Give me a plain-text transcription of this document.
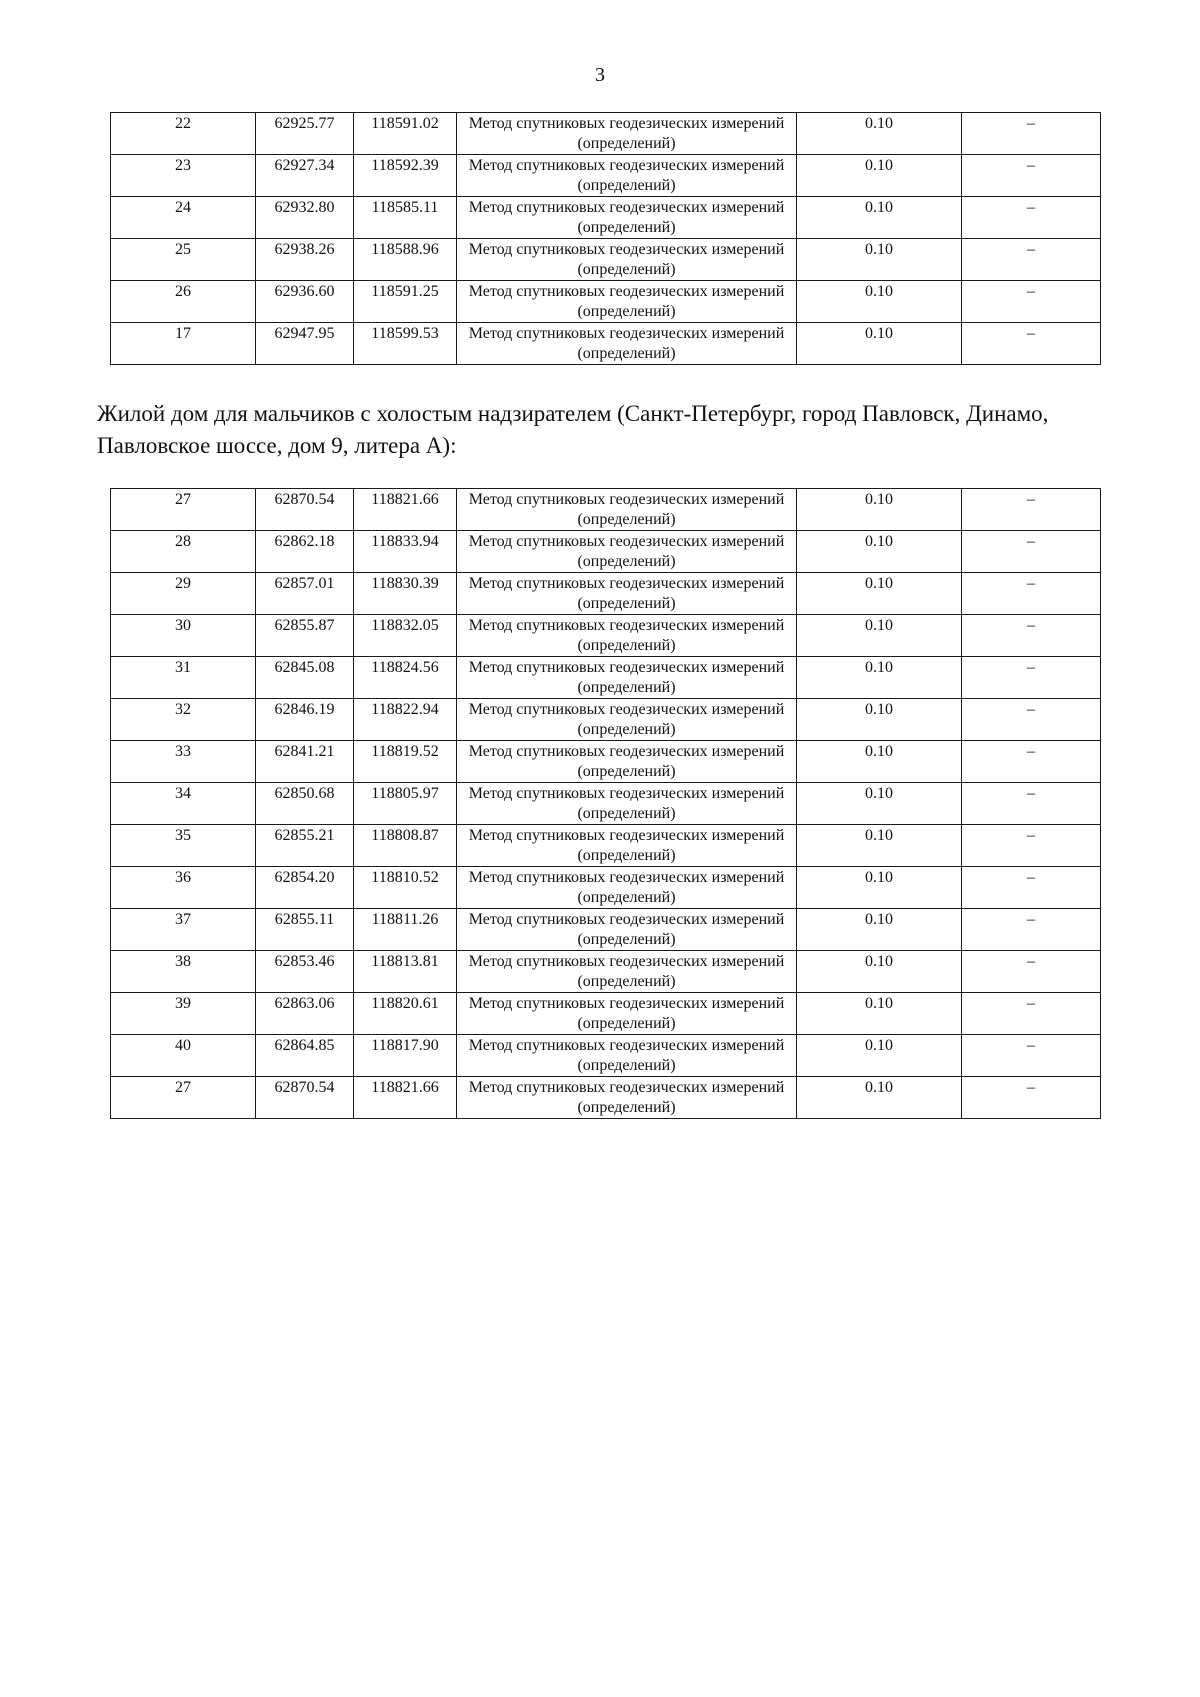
3
22	62925.77	118591.02	Метод спутниковых геодезических измерений (определений)	0.10	–
23	62927.34	118592.39	Метод спутниковых геодезических измерений (определений)	0.10	–
24	62932.80	118585.11	Метод спутниковых геодезических измерений (определений)	0.10	–
25	62938.26	118588.96	Метод спутниковых геодезических измерений (определений)	0.10	–
26	62936.60	118591.25	Метод спутниковых геодезических измерений (определений)	0.10	–
17	62947.95	118599.53	Метод спутниковых геодезических измерений (определений)	0.10	–
Жилой дом для мальчиков с холостым надзирателем (Санкт-Петербург, город Павловск, Динамо, Павловское шоссе, дом 9, литера А):
27	62870.54	118821.66	Метод спутниковых геодезических измерений (определений)	0.10	–
28	62862.18	118833.94	Метод спутниковых геодезических измерений (определений)	0.10	–
29	62857.01	118830.39	Метод спутниковых геодезических измерений (определений)	0.10	–
30	62855.87	118832.05	Метод спутниковых геодезических измерений (определений)	0.10	–
31	62845.08	118824.56	Метод спутниковых геодезических измерений (определений)	0.10	–
32	62846.19	118822.94	Метод спутниковых геодезических измерений (определений)	0.10	–
33	62841.21	118819.52	Метод спутниковых геодезических измерений (определений)	0.10	–
34	62850.68	118805.97	Метод спутниковых геодезических измерений (определений)	0.10	–
35	62855.21	118808.87	Метод спутниковых геодезических измерений (определений)	0.10	–
36	62854.20	118810.52	Метод спутниковых геодезических измерений (определений)	0.10	–
37	62855.11	118811.26	Метод спутниковых геодезических измерений (определений)	0.10	–
38	62853.46	118813.81	Метод спутниковых геодезических измерений (определений)	0.10	–
39	62863.06	118820.61	Метод спутниковых геодезических измерений (определений)	0.10	–
40	62864.85	118817.90	Метод спутниковых геодезических измерений (определений)	0.10	–
27	62870.54	118821.66	Метод спутниковых геодезических измерений (определений)	0.10	–
